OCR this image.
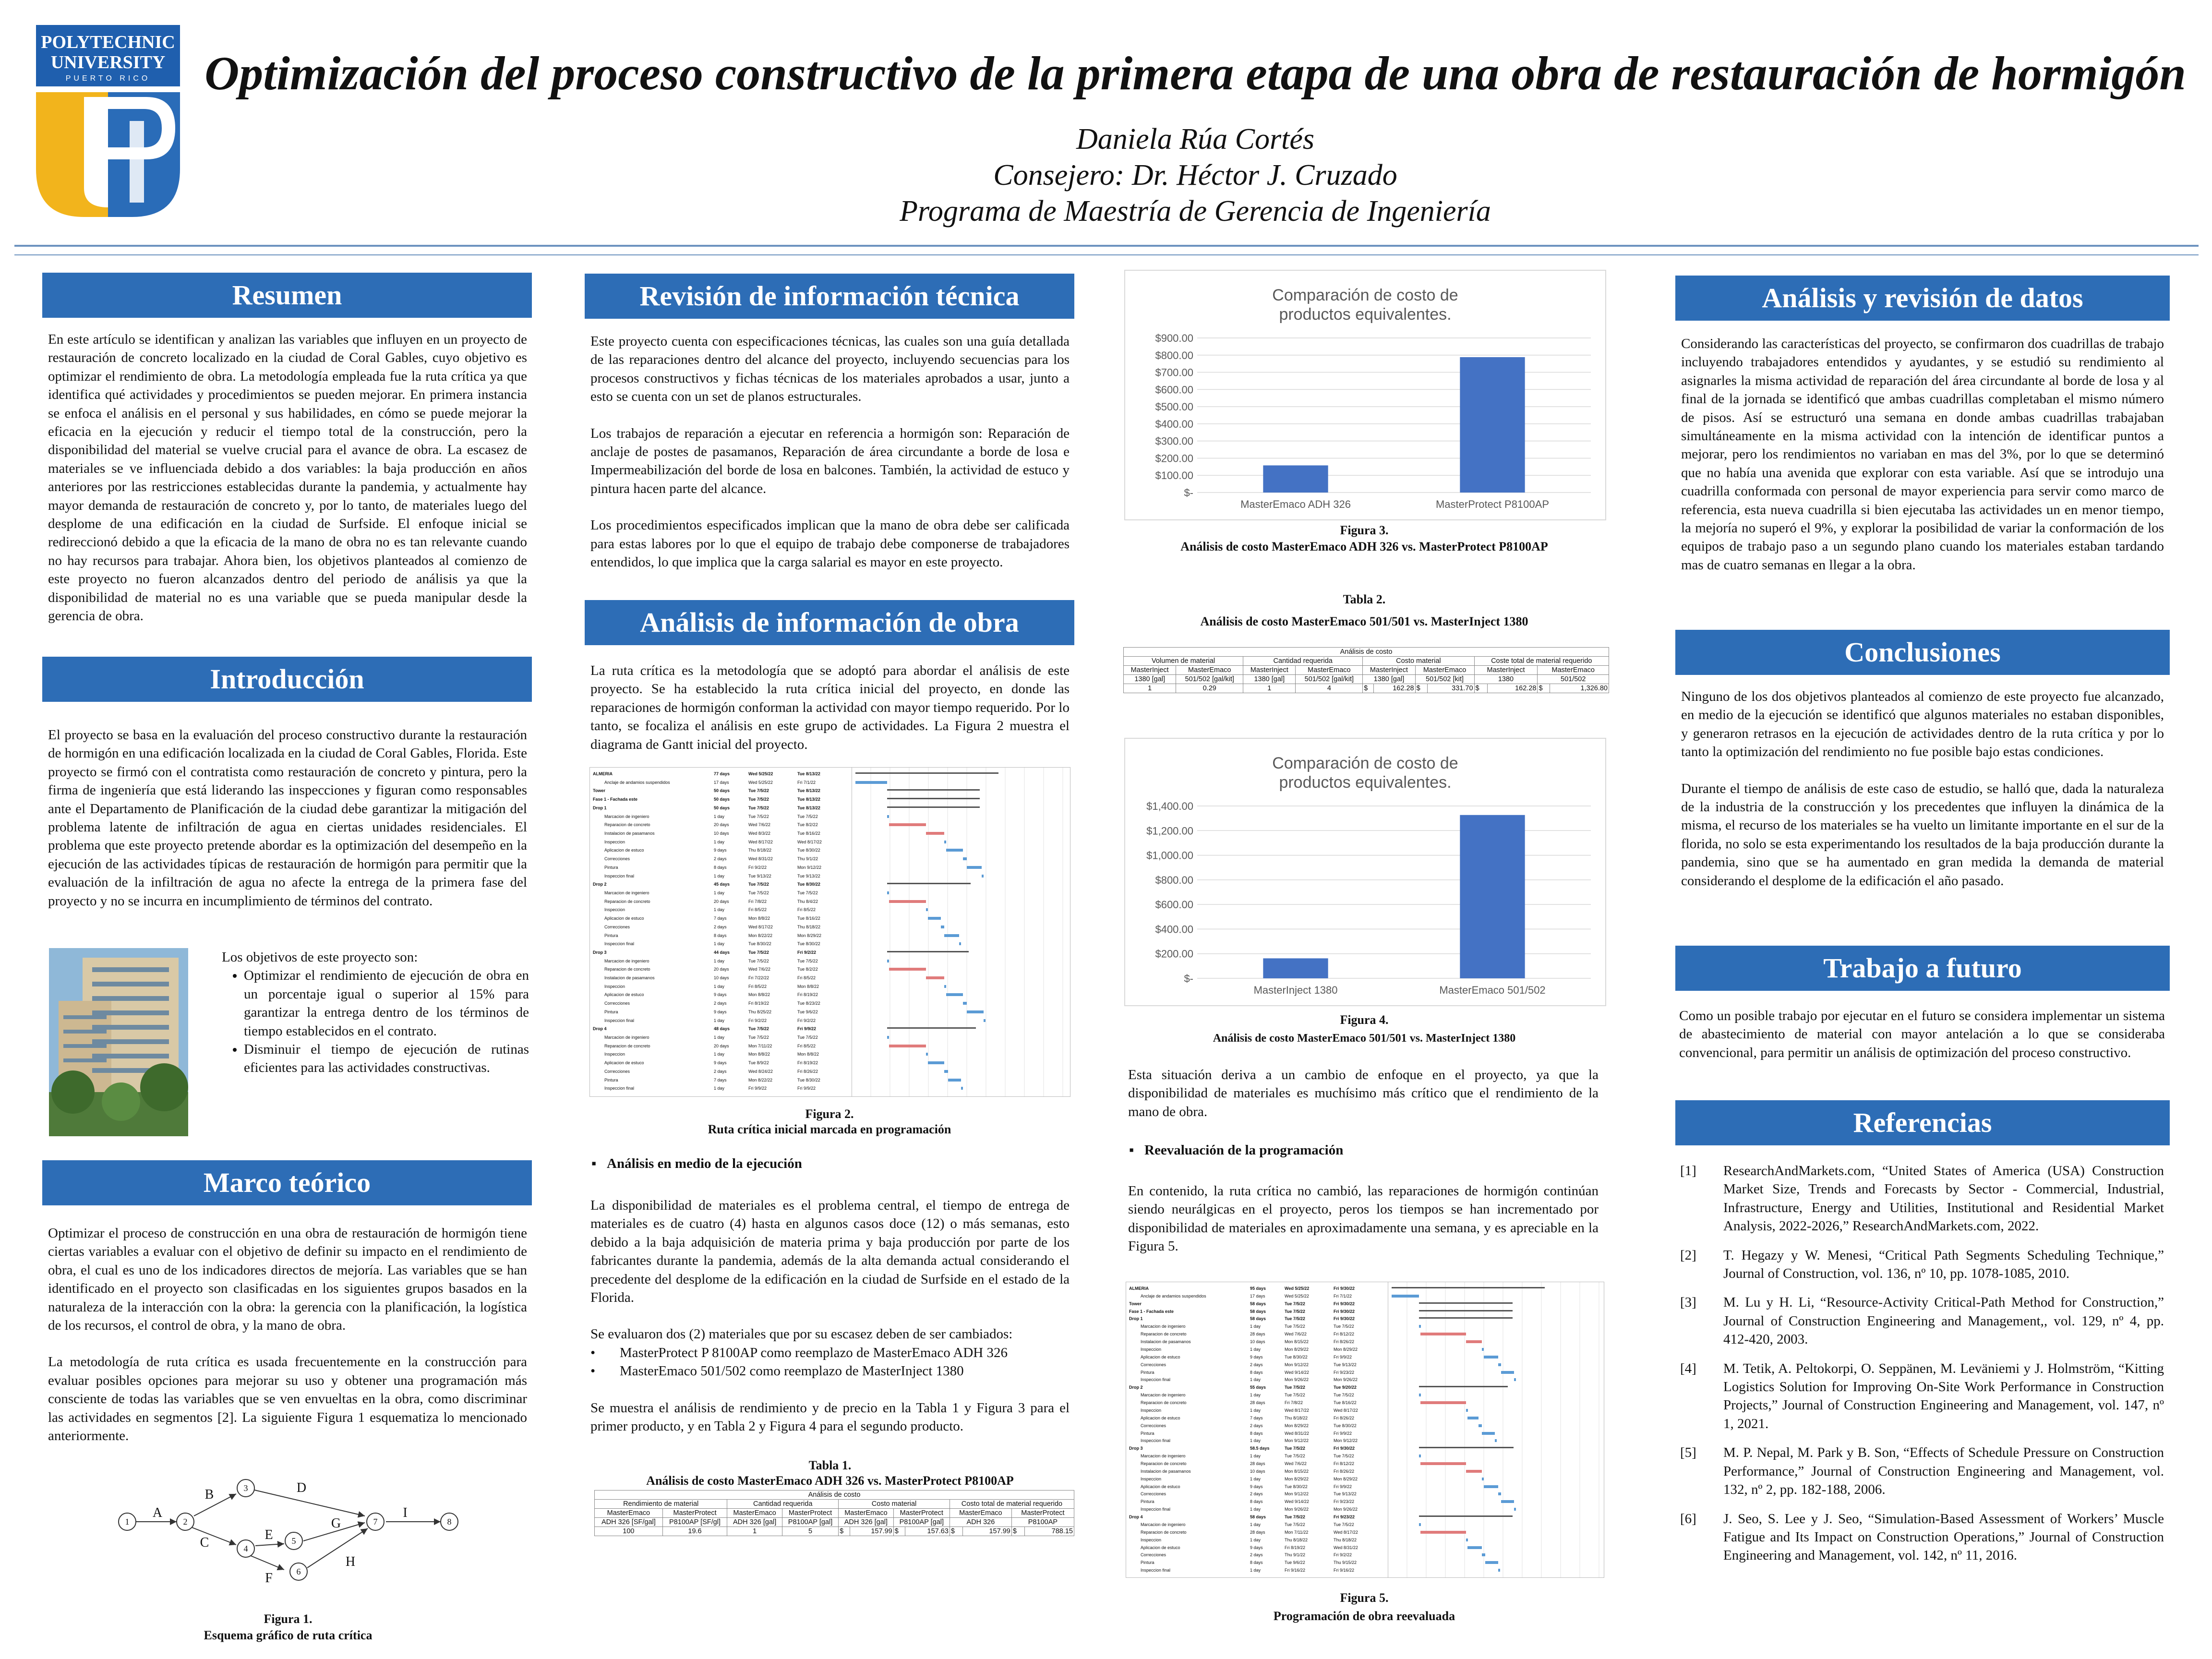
POLYTECHNIC
UNIVERSITY
PUERTO RICO	Optimización del proceso constructivo de la primera etapa de una obra de restauración de hormigón
Daniela Rúa Cortés
Consejero: Dr. Héctor J. Cruzado
Programa de Maestría de Gerencia de Ingeniería
Resumen
En este artículo se identifican y analizan las variables que influyen en un proyecto de restauración de concreto localizado en la ciudad de Coral Gables, cuyo objetivo es optimizar el rendimiento de obra. La metodología empleada fue la ruta crítica ya que identifica qué actividades y procedimientos se pueden mejorar. En primera instancia se enfoca el análisis en el personal y sus habilidades, en cómo se puede mejorar la eficacia en la ejecución y reducir el tiempo total de la construcción, pero la disponibilidad del material se vuelve crucial para el avance de obra. La escasez de materiales se ve influenciada debido a dos variables: la baja producción en años anteriores por las restricciones establecidas durante la pandemia, y actualmente hay mayor demanda de restauración de concreto y, por lo tanto, de materiales luego del desplome de una edificación en la ciudad de Surfside. El enfoque inicial se redireccionó debido a que la eficacia de la mano de obra no es tan relevante cuando no hay recursos para trabajar. Ahora bien, los objetivos planteados al comienzo de este proyecto no fueron alcanzados dentro del periodo de análisis ya que la disponibilidad de material no es una variable que se pueda manipular desde la gerencia de obra.
Introducción
El proyecto se basa en la evaluación del proceso constructivo durante la restauración de hormigón en una edificación localizada en la ciudad de Coral Gables, Florida. Este proyecto se firmó con el contratista como restauración de concreto y pintura, pero la firma de ingeniería que está liderando las inspecciones y figuran como responsables ante el Departamento de Planificación de la ciudad debe garantizar la mitigación del problema latente de infiltración de agua en ciertas unidades residenciales. El problema que este proyecto pretende abordar es la optimización del desempeño en la ejecución de las actividades típicas de restauración de hormigón para permitir que la evaluación de la infiltración de agua no afecte la entrega de la primera fase del proyecto y no se incurra en incumplimiento de términos del contrato.
Los objetivos de este proyecto son:
• Optimizar el rendimiento de ejecución de obra en un porcentaje igual o superior al 15% para garantizar la entrega dentro de los términos de tiempo establecidos en el contrato.
• Disminuir el tiempo de ejecución de rutinas eficientes para las actividades constructivas.
Marco teórico

Optimizar el proceso de construcción en una obra de restauración de hormigón tiene ciertas variables a evaluar con el objetivo de definir su impacto en el rendimiento de obra, el cual es uno de los indicadores directos de mejoría. Las variables que se han identificado en el proyecto son clasificadas en los siguientes grupos basados en la naturaleza de la interacción con la obra: la gerencia con la planificación, la logística de los recursos, el control de obra, y la mano de obra.

La metodología de ruta crítica es usada frecuentemente en la construcción para evaluar posibles opciones para mejorar su uso y obtener una programación más consciente de todas las variables que se ven envueltas en la obra, como discriminar las actividades en segmentos [2]. La siguiente Figura 1 esquematiza lo mencionado anteriormente.

1	2
3
4
5
6
7	8
A
B
C
D
E
F
G
H
I
Figura 1.
Esquema gráfico de ruta crítica
Revisión de información técnica

Este proyecto cuenta con especificaciones técnicas, las cuales son una guía detallada de las reparaciones dentro del alcance del proyecto, incluyendo secuencias para los procesos constructivos y fichas técnicas de los materiales aprobados a usar, junto a esto se cuenta con un set de planos estructurales.

Los trabajos de reparación a ejecutar en referencia a hormigón son: Reparación de anclaje de postes de pasamanos, Reparación de área circundante a borde de losa e Impermeabilización del borde de losa en balcones. También, la actividad de estuco y pintura hacen parte del alcance.

Los procedimientos especificados implican que la mano de obra debe ser calificada para estas labores por lo que el equipo de trabajo debe componerse de trabajadores entendidos, lo que implica que la carga salarial es mayor en este proyecto.

Análisis de información de obra
La ruta crítica es la metodología que se adoptó para abordar el análisis de este proyecto. Se ha establecido la ruta crítica inicial del proyecto, en donde las reparaciones de hormigón conforman la actividad con mayor tiempo requerido. Por lo tanto, se focaliza el análisis en este grupo de actividades. La Figura 2 muestra el diagrama de Gantt inicial del proyecto.
ALMERIA	77 days	Wed 5/25/22	Tue 8/13/22
Anclaje de andamios suspendidos	17 days	Wed 5/25/22	Fri 7/1/22
Tower	50 days	Tue 7/5/22	Tue 8/13/22
Fase 1 - Fachada este	50 days	Tue 7/5/22	Tue 8/13/22
Drop 1	50 days	Tue 7/5/22	Tue 8/13/22
Marcacion de ingeniero	1 day	Tue 7/5/22	Tue 7/5/22
Reparacion de concreto	20 days	Wed 7/6/22	Tue 8/2/22
Instalacion de pasamanos	10 days	Wed 8/3/22	Tue 8/16/22
Inspeccion	1 day	Wed 8/17/22	Wed 8/17/22
Aplicacion de estuco	9 days	Thu 8/18/22	Tue 8/30/22
Correcciones	2 days	Wed 8/31/22	Thu 9/1/22
Pintura	8 days	Fri 9/2/22	Mon 9/12/22
Inspeccion final	1 day	Tue 9/13/22	Tue 9/13/22
Drop 2	45 days	Tue 7/5/22	Tue 8/30/22
Marcacion de ingeniero	1 day	Tue 7/5/22	Tue 7/5/22
Reparacion de concreto	20 days	Fri 7/8/22	Thu 8/4/22
Inspeccion	1 day	Fri 8/5/22	Fri 8/5/22
Aplicacion de estuco	7 days	Mon 8/8/22	Tue 8/16/22
Correcciones	2 days	Wed 8/17/22	Thu 8/18/22
Pintura	8 days	Mon 8/22/22	Mon 8/29/22
Inspeccion final	1 day	Tue 8/30/22	Tue 8/30/22
Drop 3	44 days	Tue 7/5/22	Fri 9/2/22
Marcacion de ingeniero	1 day	Tue 7/5/22	Tue 7/5/22
Reparacion de concreto	20 days	Wed 7/6/22	Tue 8/2/22
Instalacion de pasamanos	10 days	Fri 7/22/22	Fri 8/5/22
Inspeccion	1 day	Fri 8/5/22	Mon 8/8/22
Aplicacion de estuco	9 days	Mon 8/8/22	Fri 8/19/22
Correcciones	2 days	Fri 8/19/22	Tue 8/23/22
Pintura	9 days	Thu 8/25/22	Tue 9/6/22
Inspeccion final	1 day	Fri 9/2/22	Fri 9/2/22
Drop 4	48 days	Tue 7/5/22	Fri 9/9/22
Marcacion de ingeniero	1 day	Tue 7/5/22	Tue 7/5/22
Reparacion de concreto	20 days	Mon 7/11/22	Fri 8/5/22
Inspeccion	1 day	Mon 8/8/22	Mon 8/8/22
Aplicacion de estuco	9 days	Tue 8/9/22	Fri 8/19/22
Correcciones	2 days	Wed 8/24/22	Fri 8/26/22
Pintura	7 days	Mon 8/22/22	Tue 8/30/22
Inspeccion final	1 day	Fri 9/9/22	Fri 9/9/22
Figura 2.
Ruta crítica inicial marcada en programación
▪ Análisis en medio de la ejecución

La disponibilidad de materiales es el problema central, el tiempo de entrega de materiales es de cuatro (4) hasta en algunos casos doce (12) o más semanas, esto debido a la baja adquisición de materia prima y baja producción por parte de los fabricantes durante la pandemia, además de la alta demanda actual considerando el precedente del desplome de la edificación en la ciudad de Surfside en el estado de la Florida.

Se evaluaron dos (2) materiales que por su escasez deben de ser cambiados:
• MasterProtect P 8100AP como reemplazo de MasterEmaco ADH 326
• MasterEmaco 501/502 como reemplazo de MasterInject 1380

Se muestra el análisis de rendimiento y de precio en la Tabla 1 y Figura 3 para el primer producto, y en Tabla 2 y Figura 4 para el segundo producto.

Tabla 1.
Análisis de costo MasterEmaco ADH 326 vs. MasterProtect P8100AP
Análisis de costo											
Rendimiento de material		Cantidad requerida		Costo material				Costo total de material requerido			
MasterEmaco	MasterProtect	MasterEmaco	MasterProtect	MasterEmaco		MasterProtect		MasterEmaco		MasterProtect	
ADH 326 [SF/gal]	P8100AP [SF/gl]	ADH 326 [gal]	P8100AP [gal]	ADH 326 [gal]		P8100AP [gal]		ADH 326		P8100AP	
100	19.6	1	5	$	157.99	$	157.63	$	157.99	$	788.15
Comparación de costo de
productos equivalentes.
$-
$100.00
$200.00
$300.00
$400.00
$500.00
$600.00
$700.00
$800.00
$900.00
MasterEmaco ADH 326	MasterProtect P8100AP
Figura 3.
Análisis de costo MasterEmaco ADH 326 vs. MasterProtect P8100AP
Tabla 2.
Análisis de costo MasterEmaco 501/501 vs. MasterInject 1380
Análisis de costo											
Volumen de material		Cantidad requerida		Costo material				Coste total de material requerido			
MasterInject	MasterEmaco	MasterInject	MasterEmaco	MasterInject		MasterEmaco		MasterInject		MasterEmaco	
1380 [gal]	501/502 [gal/kit]	1380 [gal]	501/502 [gal/kit]	1380 [gal]		501/502 [kit]		1380		501/502	
1	0.29	1	4	$	162.28	$	331.70	$	162.28	$	1,326.80
Comparación de costo de
productos equivalentes.
$-
$200.00
$400.00
$600.00
$800.00
$1,000.00
$1,200.00
$1,400.00
MasterInject 1380	MasterEmaco 501/502
Figura 4.
Análisis de costo MasterEmaco 501/501 vs. MasterInject 1380
Esta situación deriva a un cambio de enfoque en el proyecto, ya que la disponibilidad de materiales es muchísimo más crítico que el rendimiento de la mano de obra.
▪ Reevaluación de la programación
En contenido, la ruta crítica no cambió, las reparaciones de hormigón continúan siendo neurálgicas en el proyecto, peros los tiempos se han incrementado por disponibilidad de materiales en aproximadamente una semana, y es apreciable en la Figura 5.
ALMERIA	95 days	Wed 5/25/22	Fri 9/30/22
Anclaje de andamios suspendidos	17 days	Wed 5/25/22	Fri 7/1/22
Tower	58 days	Tue 7/5/22	Fri 9/30/22
Fase 1 - Fachada este	58 days	Tue 7/5/22	Fri 9/30/22
Drop 1	58 days	Tue 7/5/22	Fri 9/30/22
Marcacion de ingeniero	1 day	Tue 7/5/22	Tue 7/5/22
Reparacion de concreto	28 days	Wed 7/6/22	Fri 8/12/22
Instalacion de pasamanos	10 days	Mon 8/15/22	Fri 8/26/22
Inspeccion	1 day	Mon 8/29/22	Mon 8/29/22
Aplicacion de estuco	9 days	Tue 8/30/22	Fri 9/9/22
Correcciones	2 days	Mon 9/12/22	Tue 9/13/22
Pintura	8 days	Wed 9/14/22	Fri 9/23/22
Inspeccion final	1 day	Mon 9/26/22	Mon 9/26/22
Drop 2	55 days	Tue 7/5/22	Tue 9/20/22
Marcacion de ingeniero	1 day	Tue 7/5/22	Tue 7/5/22
Reparacion de concreto	28 days	Fri 7/8/22	Tue 8/16/22
Inspeccion	1 day	Wed 8/17/22	Wed 8/17/22
Aplicacion de estuco	7 days	Thu 8/18/22	Fri 8/26/22
Correcciones	2 days	Mon 8/29/22	Tue 8/30/22
Pintura	8 days	Wed 8/31/22	Fri 9/9/22
Inspeccion final	1 day	Mon 9/12/22	Mon 9/12/22
Drop 3	58.5 days	Tue 7/5/22	Fri 9/30/22
Marcacion de ingeniero	1 day	Tue 7/5/22	Tue 7/5/22
Reparacion de concreto	28 days	Wed 7/6/22	Fri 8/12/22
Instalacion de pasamanos	10 days	Mon 8/15/22	Fri 8/26/22
Inspeccion	1 day	Mon 8/29/22	Mon 8/29/22
Aplicacion de estuco	9 days	Tue 8/30/22	Fri 9/9/22
Correcciones	2 days	Mon 9/12/22	Tue 9/13/22
Pintura	8 days	Wed 9/14/22	Fri 9/23/22
Inspeccion final	1 day	Mon 9/26/22	Mon 9/26/22
Drop 4	58 days	Tue 7/5/22	Fri 9/23/22
Marcacion de ingeniero	1 day	Tue 7/5/22	Tue 7/5/22
Reparacion de concreto	28 days	Mon 7/11/22	Wed 8/17/22
Inspeccion	1 day	Thu 8/18/22	Thu 8/18/22
Aplicacion de estuco	9 days	Fri 8/19/22	Wed 8/31/22
Correcciones	2 days	Thu 9/1/22	Fri 9/2/22
Pintura	8 days	Tue 9/6/22	Thu 9/15/22
Inspeccion final	1 day	Fri 9/16/22	Fri 9/16/22
Figura 5.
Programación de obra reevaluada
Análisis y revisión de datos
Considerando las características del proyecto, se confirmaron dos cuadrillas de trabajo incluyendo trabajadores entendidos y ayudantes, y se estudió su rendimiento al asignarles la misma actividad de reparación del área circundante al borde de losa y al final de la jornada se identificó que ambas cuadrillas completaban el mismo número de pisos. Así se estructuró una semana en donde ambas cuadrillas trabajaban simultáneamente en la misma actividad con la intención de identificar puntos a mejorar, pero los rendimientos no variaban en mas del 3%, por lo que se determinó que no había una avenida que explorar con esta variable. Así que se introdujo una cuadrilla conformada con personal de mayor experiencia para servir como marco de referencia, esta nueva cuadrilla si bien ejecutaba las actividades un en menor tiempo, la mejoría no superó el 9%, y explorar la posibilidad de variar la conformación de los equipos de trabajo paso a un segundo plano cuando los materiales estaban tardando mas de cuatro semanas en llegar a la obra.
Conclusiones

Ninguno de los dos objetivos planteados al comienzo de este proyecto fue alcanzado, en medio de la ejecución se identificó que algunos materiales no estaban disponibles, y generaron retrasos en la ejecución de actividades dentro de la ruta crítica y por lo tanto la optimización del rendimiento no fue posible bajo estas condiciones.

Durante el tiempo de análisis de este caso de estudio, se halló que, dada la naturaleza de la industria de la construcción y los precedentes que influyen la dinámica de la misma, el recurso de los materiales se ha vuelto un limitante importante en el sur de la florida, no solo se esta experimentando los resultados de la baja producción durante la pandemia, sino que se ha aumentado en gran medida la demanda de material considerando el desplome de la edificación el año pasado.

Trabajo a futuro
Como un posible trabajo por ejecutar en el futuro se considera implementar un sistema de abastecimiento de material con mayor antelación a lo que se consideraba convencional, para permitir un análisis de optimización del proceso constructivo.
Referencias
[1] ResearchAndMarkets.com, “United States of America (USA) Construction Market Size, Trends and Forecasts by Sector - Commercial, Industrial, Infrastructure, Energy and Utilities, Institutional and Residential Market Analysis, 2022-2026,” ResearchAndMarkets.com, 2022.
[2] T. Hegazy y W. Menesi, “Critical Path Segments Scheduling Technique,” Journal of Construction, vol. 136, nº 10, pp. 1078-1085, 2010.
[3] M. Lu y H. Li, “Resource-Activity Critical-Path Method for Construction,” Journal of Construction Engineering and Management,, vol. 129, nº 4, pp. 412-420, 2003.
[4] M. Tetik, A. Peltokorpi, O. Seppänen, M. Leväniemi y J. Holmström, “Kitting Logistics Solution for Improving On-Site Work Performance in Construction Projects,” Journal of Construction Engineering and Management, vol. 147, nº 1, 2021.
[5] M. P. Nepal, M. Park y B. Son, “Effects of Schedule Pressure on Construction Performance,” Journal of Construction Engineering and Management, vol. 132, nº 2, pp. 182-188, 2006.
[6] J. Seo, S. Lee y J. Seo, “Simulation-Based Assessment of Workers’ Muscle Fatigue and Its Impact on Construction Operations,” Journal of Construction Engineering and Management, vol. 142, nº 11, 2016.
